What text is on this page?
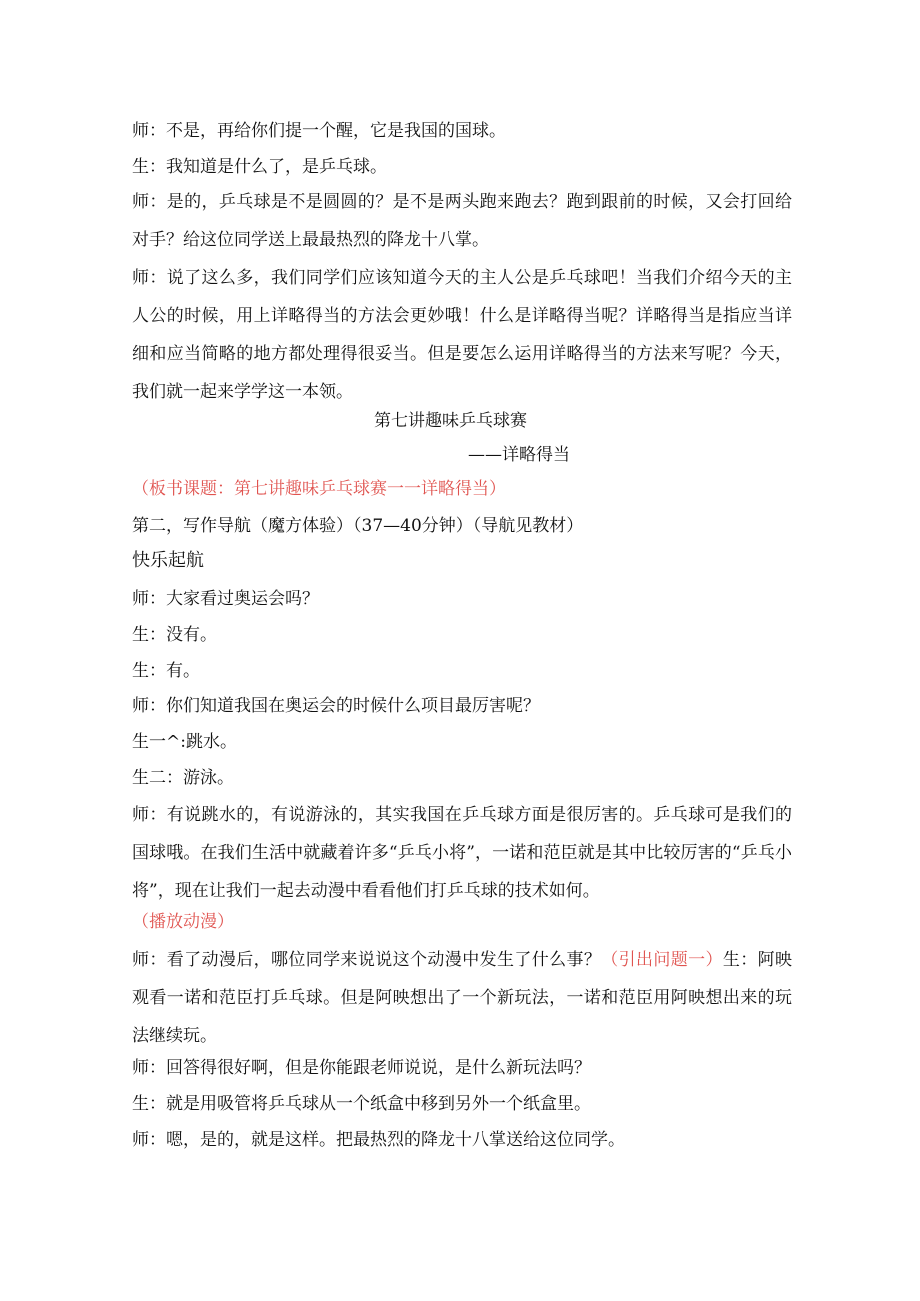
师：不是，再给你们提一个醒，它是我国的国球。
生：我知道是什么了，是乒乓球。
师：是的，乒乓球是不是圆圆的？是不是两头跑来跑去？跑到跟前的时候，又会打回给对手？给这位同学送上最最热烈的降龙十八掌。
师：说了这么多，我们同学们应该知道今天的主人公是乒乓球吧！当我们介绍今天的主人公的时候，用上详略得当的方法会更妙哦！什么是详略得当呢？详略得当是指应当详细和应当简略的地方都处理得很妥当。但是要怎么运用详略得当的方法来写呢？今天，我们就一起来学学这一本领。
第七讲趣味乒乓球赛
——详略得当
（板书课题：第七讲趣味乒乓球赛一一详略得当）
第二，写作导航（魔方体验）（37—40分钟）（导航见教材）
快乐起航
师：大家看过奥运会吗？
生：没有。
生：有。
师：你们知道我国在奥运会的时候什么项目最厉害呢？
生一^:跳水。
生二：游泳。
师：有说跳水的，有说游泳的，其实我国在乒乓球方面是很厉害的。乒乓球可是我们的国球哦。在我们生活中就藏着许多“乒乓小将”，一诺和范臣就是其中比较厉害的“乒乓小将”，现在让我们一起去动漫中看看他们打乒乓球的技术如何。
（播放动漫）
师：看了动漫后，哪位同学来说说这个动漫中发生了什么事？（引出问题一）生：阿映观看一诺和范臣打乒乓球。但是阿映想出了一个新玩法，一诺和范臣用阿映想出来的玩法继续玩。
师：回答得很好啊，但是你能跟老师说说，是什么新玩法吗？
生：就是用吸管将乒乓球从一个纸盒中移到另外一个纸盒里。
师：嗯，是的，就是这样。把最热烈的降龙十八掌送给这位同学。
